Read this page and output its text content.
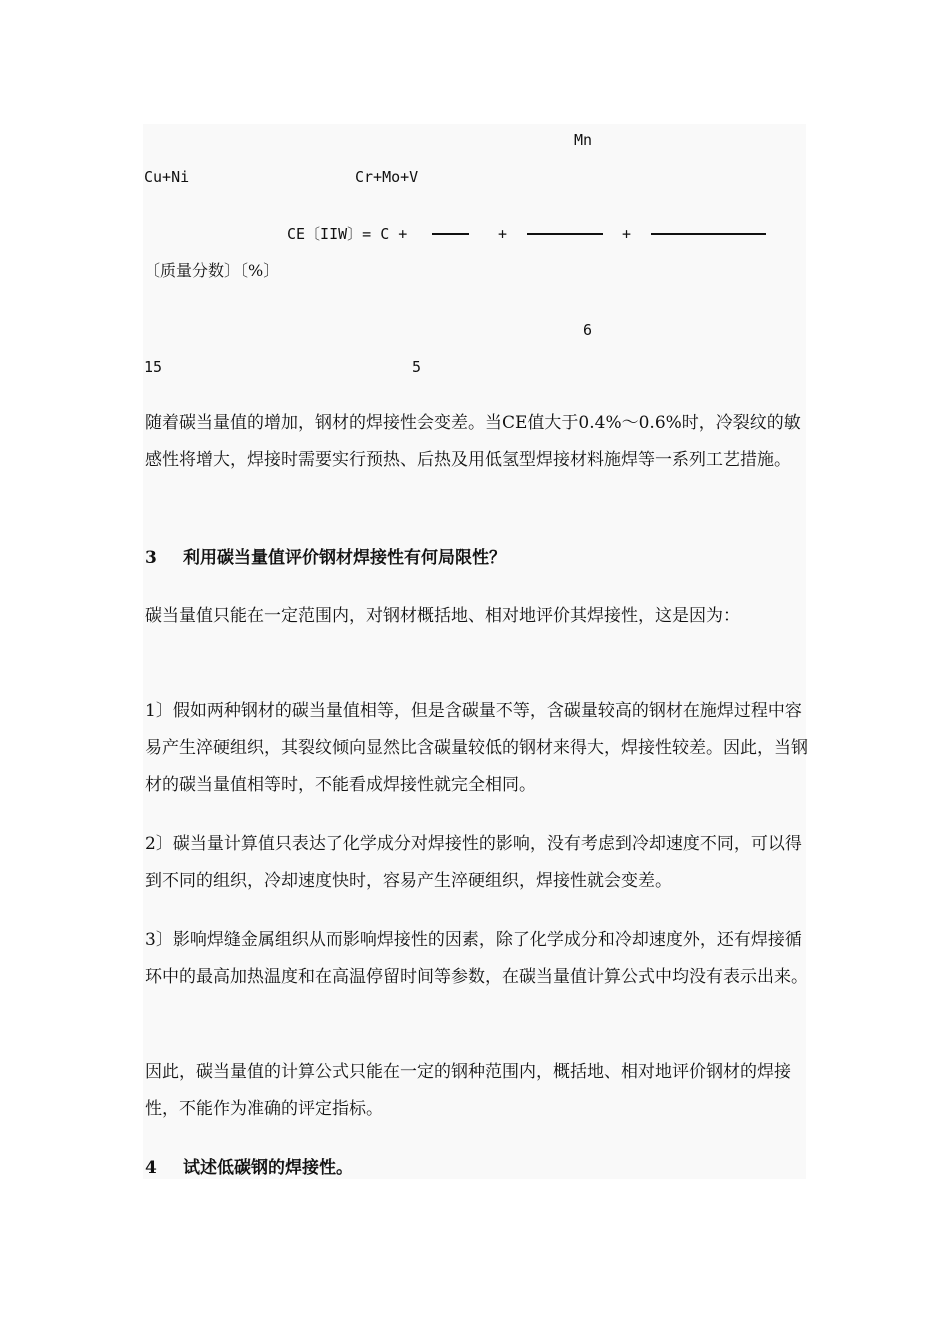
Mn
Cu+Ni	Cr+Mo+V
CE〔IIW〕= C +	+	+
〔质量分数〕〔%〕
6
15	5

随着碳当量值的增加，钢材的焊接性会变差。当CE值大于0.4%～0.6%时，冷裂纹的敏感性将增大，焊接时需要实行预热、后热及用低氢型焊接材料施焊等一系列工艺措施。

3 利用碳当量值评价钢材焊接性有何局限性？

碳当量值只能在一定范围内，对钢材概括地、相对地评价其焊接性，这是因为：

1〕假如两种钢材的碳当量值相等，但是含碳量不等，含碳量较高的钢材在施焊过程中容易产生淬硬组织，其裂纹倾向显然比含碳量较低的钢材来得大，焊接性较差。因此，当钢材的碳当量值相等时，不能看成焊接性就完全相同。

2〕碳当量计算值只表达了化学成分对焊接性的影响，没有考虑到冷却速度不同，可以得到不同的组织，冷却速度快时，容易产生淬硬组织，焊接性就会变差。

3〕影响焊缝金属组织从而影响焊接性的因素，除了化学成分和冷却速度外，还有焊接循环中的最高加热温度和在高温停留时间等参数，在碳当量值计算公式中均没有表示出来。

因此，碳当量值的计算公式只能在一定的钢种范围内，概括地、相对地评价钢材的焊接性，不能作为准确的评定指标。

4 试述低碳钢的焊接性。
